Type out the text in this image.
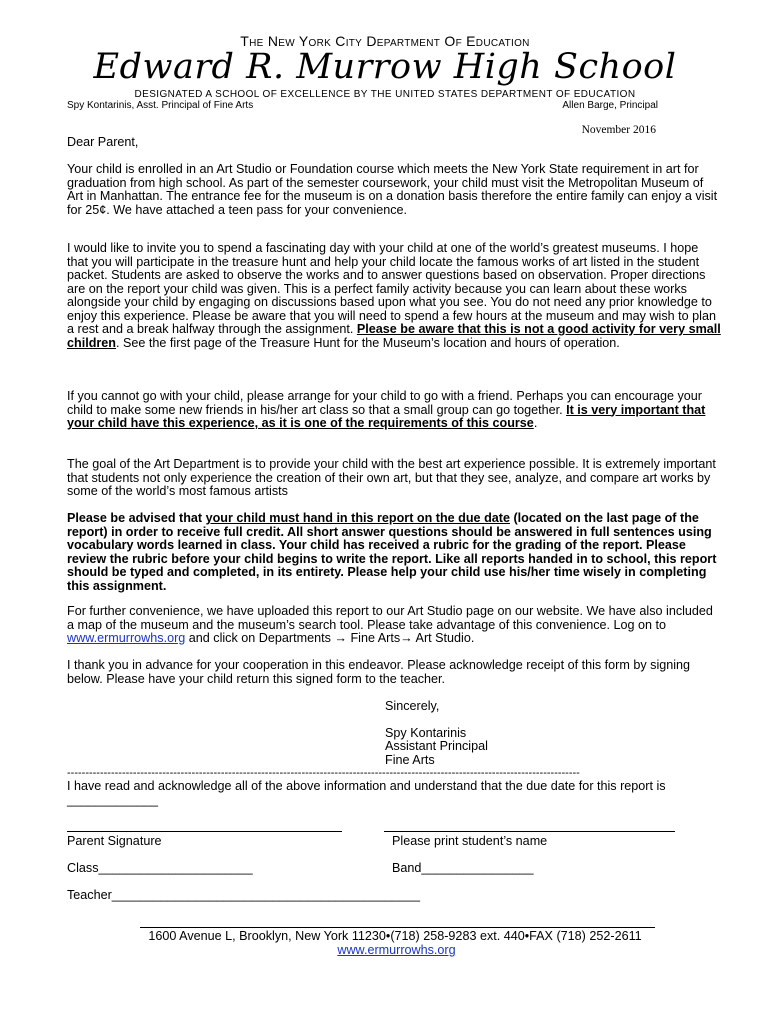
The New York City Department Of Education
Edward R. Murrow High School
DESIGNATED A SCHOOL OF EXCELLENCE BY THE UNITED STATES DEPARTMENT OF EDUCATION
Spy Kontarinis, Asst. Principal of Fine Arts	Allen Barge, Principal
November 2016
Dear Parent,

Your child is enrolled in an Art Studio or Foundation course which meets the New York State requirement in art for graduation from high school. As part of the semester coursework, your child must visit the Metropolitan Museum of Art in Manhattan. The entrance fee for the museum is on a donation basis therefore the entire family can enjoy a visit for 25¢. We have attached a teen pass for your convenience.

I would like to invite you to spend a fascinating day with your child at one of the world’s greatest museums. I hope that you will participate in the treasure hunt and help your child locate the famous works of art listed in the student packet. Students are asked to observe the works and to answer questions based on observation. Proper directions are on the report your child was given. This is a perfect family activity because you can learn about these works alongside your child by engaging on discussions based upon what you see. You do not need any prior knowledge to enjoy this experience. Please be aware that you will need to spend a few hours at the museum and may wish to plan a rest and a break halfway through the assignment. Please be aware that this is not a good activity for very small children. See the first page of the Treasure Hunt for the Museum’s location and hours of operation.

If you cannot go with your child, please arrange for your child to go with a friend. Perhaps you can encourage your child to make some new friends in his/her art class so that a small group can go together. It is very important that your child have this experience, as it is one of the requirements of this course.

The goal of the Art Department is to provide your child with the best art experience possible. It is extremely important that students not only experience the creation of their own art, but that they see, analyze, and compare art works by some of the world’s most famous artists

Please be advised that your child must hand in this report on the due date (located on the last page of the report) in order to receive full credit. All short answer questions should be answered in full sentences using vocabulary words learned in class. Your child has received a rubric for the grading of the report. Please review the rubric before your child begins to write the report. Like all reports handed in to school, this report should be typed and completed, in its entirety. Please help your child use his/her time wisely in completing this assignment.

For further convenience, we have uploaded this report to our Art Studio page on our website. We have also included a map of the museum and the museum’s search tool. Please take advantage of this convenience. Log on to www.ermurrowhs.org and click on Departments → Fine Arts→ Art Studio.

I thank you in advance for your cooperation in this endeavor. Please acknowledge receipt of this form by signing below. Please have your child return this signed form to the teacher.

Sincerely,
Spy Kontarinis
Assistant Principal
Fine Arts
--------------------------------------------------------------------------------------------------------------------------------------------
I have read and acknowledge all of the above information and understand that the due date for this report is _____________
Parent Signature	Please print student’s name
Class______________________	Band________________
Teacher____________________________________________
1600 Avenue L, Brooklyn, New York 11230•(718) 258-9283 ext. 440•FAX (718) 252-2611
www.ermurrowhs.org
